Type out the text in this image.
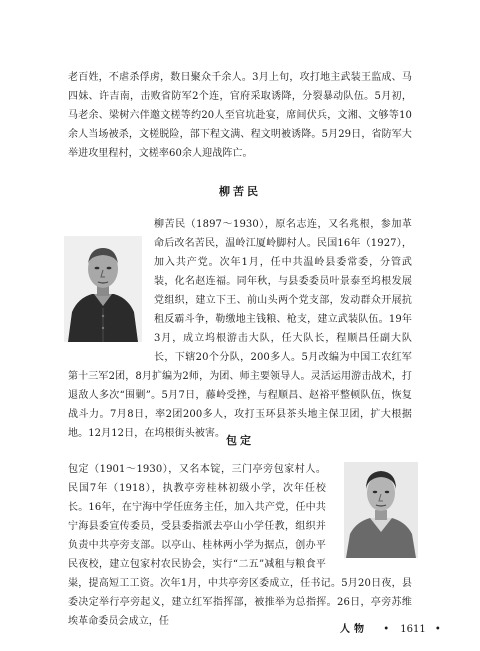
老百姓，不虐杀俘虏，数日聚众千余人。3月上旬，攻打地主武装王监成、马四妹、许吉南，击败省防军2个连，官府采取诱降，分裂暴动队伍。5月初，马老余、梁树六伴邀文槎等约20人至官坑赴宴，席间伏兵，文湘、文够等10余人当场被杀，文槎脱险，部下程文满、程文明被诱降。5月29日，省防军大举进攻里程村，文槎率60余人迎战阵亡。

柳苦民

柳苦民（1897～1930），原名志连，又名兆根，参加革命后改名苦民，温岭江厦岭脚村人。民国16年（1927），加入共产党。次年1月，任中共温岭县委常委，分管武装，化名赵连福。同年秋，与县委委员叶景泰至坞根发展党组织，建立下王、前山头两个党支部，发动群众开展抗租反霸斗争，勒缴地主钱粮、枪支，建立武装队伍。19年3月，成立坞根游击大队，任大队长，程顺昌任副大队长，下辖20个分队，200多人。5月改编为中国工农红军第十三军2团，8月扩编为2师，为团、师主要领导人。灵活运用游击战术，打退敌人多次“围剿”。5月7日，藤岭受挫，与程顺昌、赵裕平整顿队伍，恢复战斗力。7月8日，率2团200多人，攻打玉环县茶头地主保卫团，扩大根据地。12月12日，在坞根街头被害。

包定

包定（1901～1930），又名本锭，三门亭旁包家村人。民国7年（1918），执教亭旁桂林初级小学，次年任校长。16年，在宁海中学任庶务主任，加入共产党，任中共宁海县委宣传委员，受县委指派去亭山小学任教，组织并负责中共亭旁支部。以亭山、桂林两小学为据点，创办平民夜校，建立包家村农民协会，实行“二五”减租与粮食平粜，提高短工工资。次年1月，中共亭旁区委成立，任书记。5月20日夜，县委决定举行亭旁起义，建立红军指挥部，被推举为总指挥。26日，亭旁苏维埃革命委员会成立，任

人物 • 1611 •
